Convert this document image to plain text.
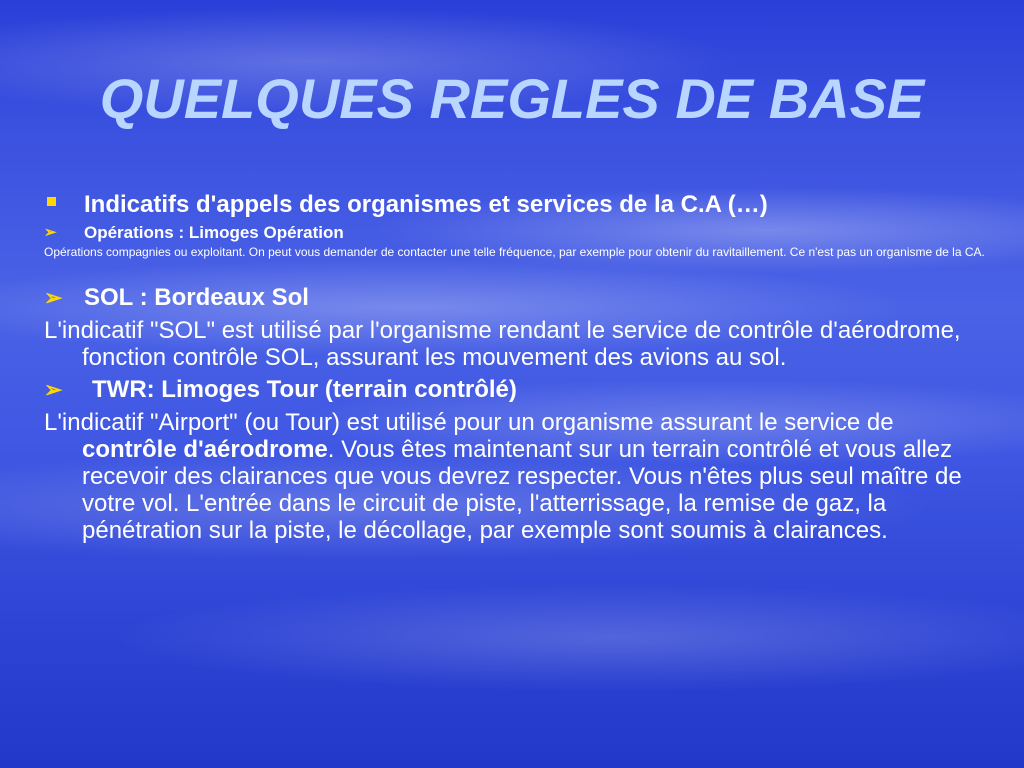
QUELQUES REGLES DE BASE
Indicatifs d'appels des organismes et services de la C.A (…)
➢ Opérations : Limoges Opération
Opérations compagnies ou exploitant. On peut vous demander de contacter une telle fréquence, par exemple pour obtenir du ravitaillement. Ce n'est pas un organisme de la CA.
➢ SOL : Bordeaux Sol
L'indicatif "SOL" est utilisé par l'organisme rendant le service de contrôle d'aérodrome, fonction contrôle SOL, assurant les mouvement des avions au sol.
➢ TWR: Limoges Tour (terrain contrôlé)
L'indicatif "Airport" (ou Tour) est utilisé pour un organisme assurant le service de contrôle d'aérodrome. Vous êtes maintenant sur un terrain contrôlé et vous allez recevoir des clairances que vous devrez respecter. Vous n'êtes plus seul maître de votre vol. L'entrée dans le circuit de piste, l'atterrissage, la remise de gaz, la pénétration sur la piste, le décollage, par exemple sont soumis à clairances.
